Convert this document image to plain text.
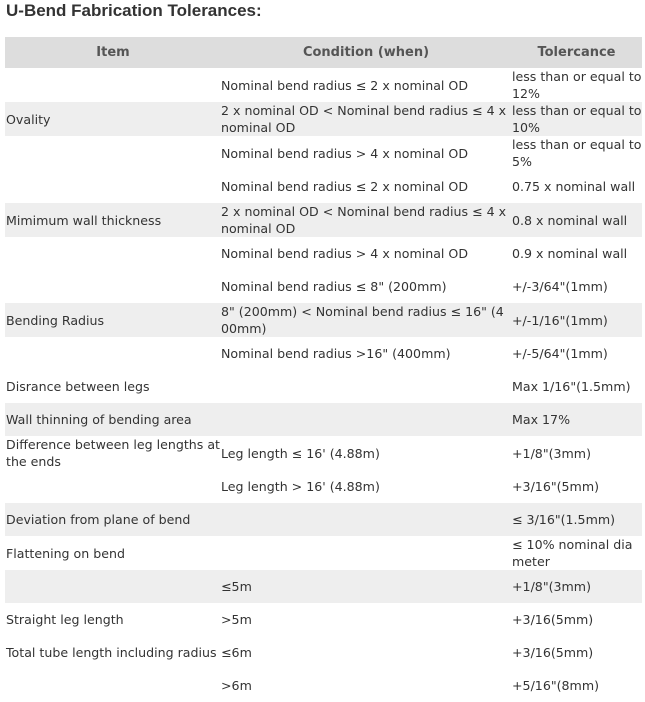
U-Bend Fabrication Tolerances:
Item	Condition (when)	Tolercance
	Nominal bend radius ≤ 2 x nominal OD	less than or equal to 12%
Ovality	2 x nominal OD < Nominal bend radius ≤ 4 x nominal OD	less than or equal to 10%
	Nominal bend radius > 4 x nominal OD	less than or equal to 5%
	Nominal bend radius ≤ 2 x nominal OD	0.75 x nominal wall
Mimimum wall thickness	2 x nominal OD < Nominal bend radius ≤ 4 x nominal OD	0.8 x nominal wall
	Nominal bend radius > 4 x nominal OD	0.9 x nominal wall
	Nominal bend radius ≤ 8" (200mm)	+/-3/64"(1mm)
Bending Radius	8" (200mm) < Nominal bend radius ≤ 16" (400mm)	+/-1/16"(1mm)
	Nominal bend radius >16" (400mm)	+/-5/64"(1mm)
Disrance between legs		Max 1/16"(1.5mm)
Wall thinning of bending area		Max 17%
Difference between leg lengths at the ends	Leg length ≤ 16' (4.88m)	+1/8"(3mm)
	Leg length > 16' (4.88m)	+3/16"(5mm)
Deviation from plane of bend		≤ 3/16"(1.5mm)
Flattening on bend		≤ 10% nominal diameter
	≤5m	+1/8"(3mm)
Straight leg length	>5m	+3/16(5mm)
Total tube length including radius	≤6m	+3/16(5mm)
	>6m	+5/16"(8mm)
